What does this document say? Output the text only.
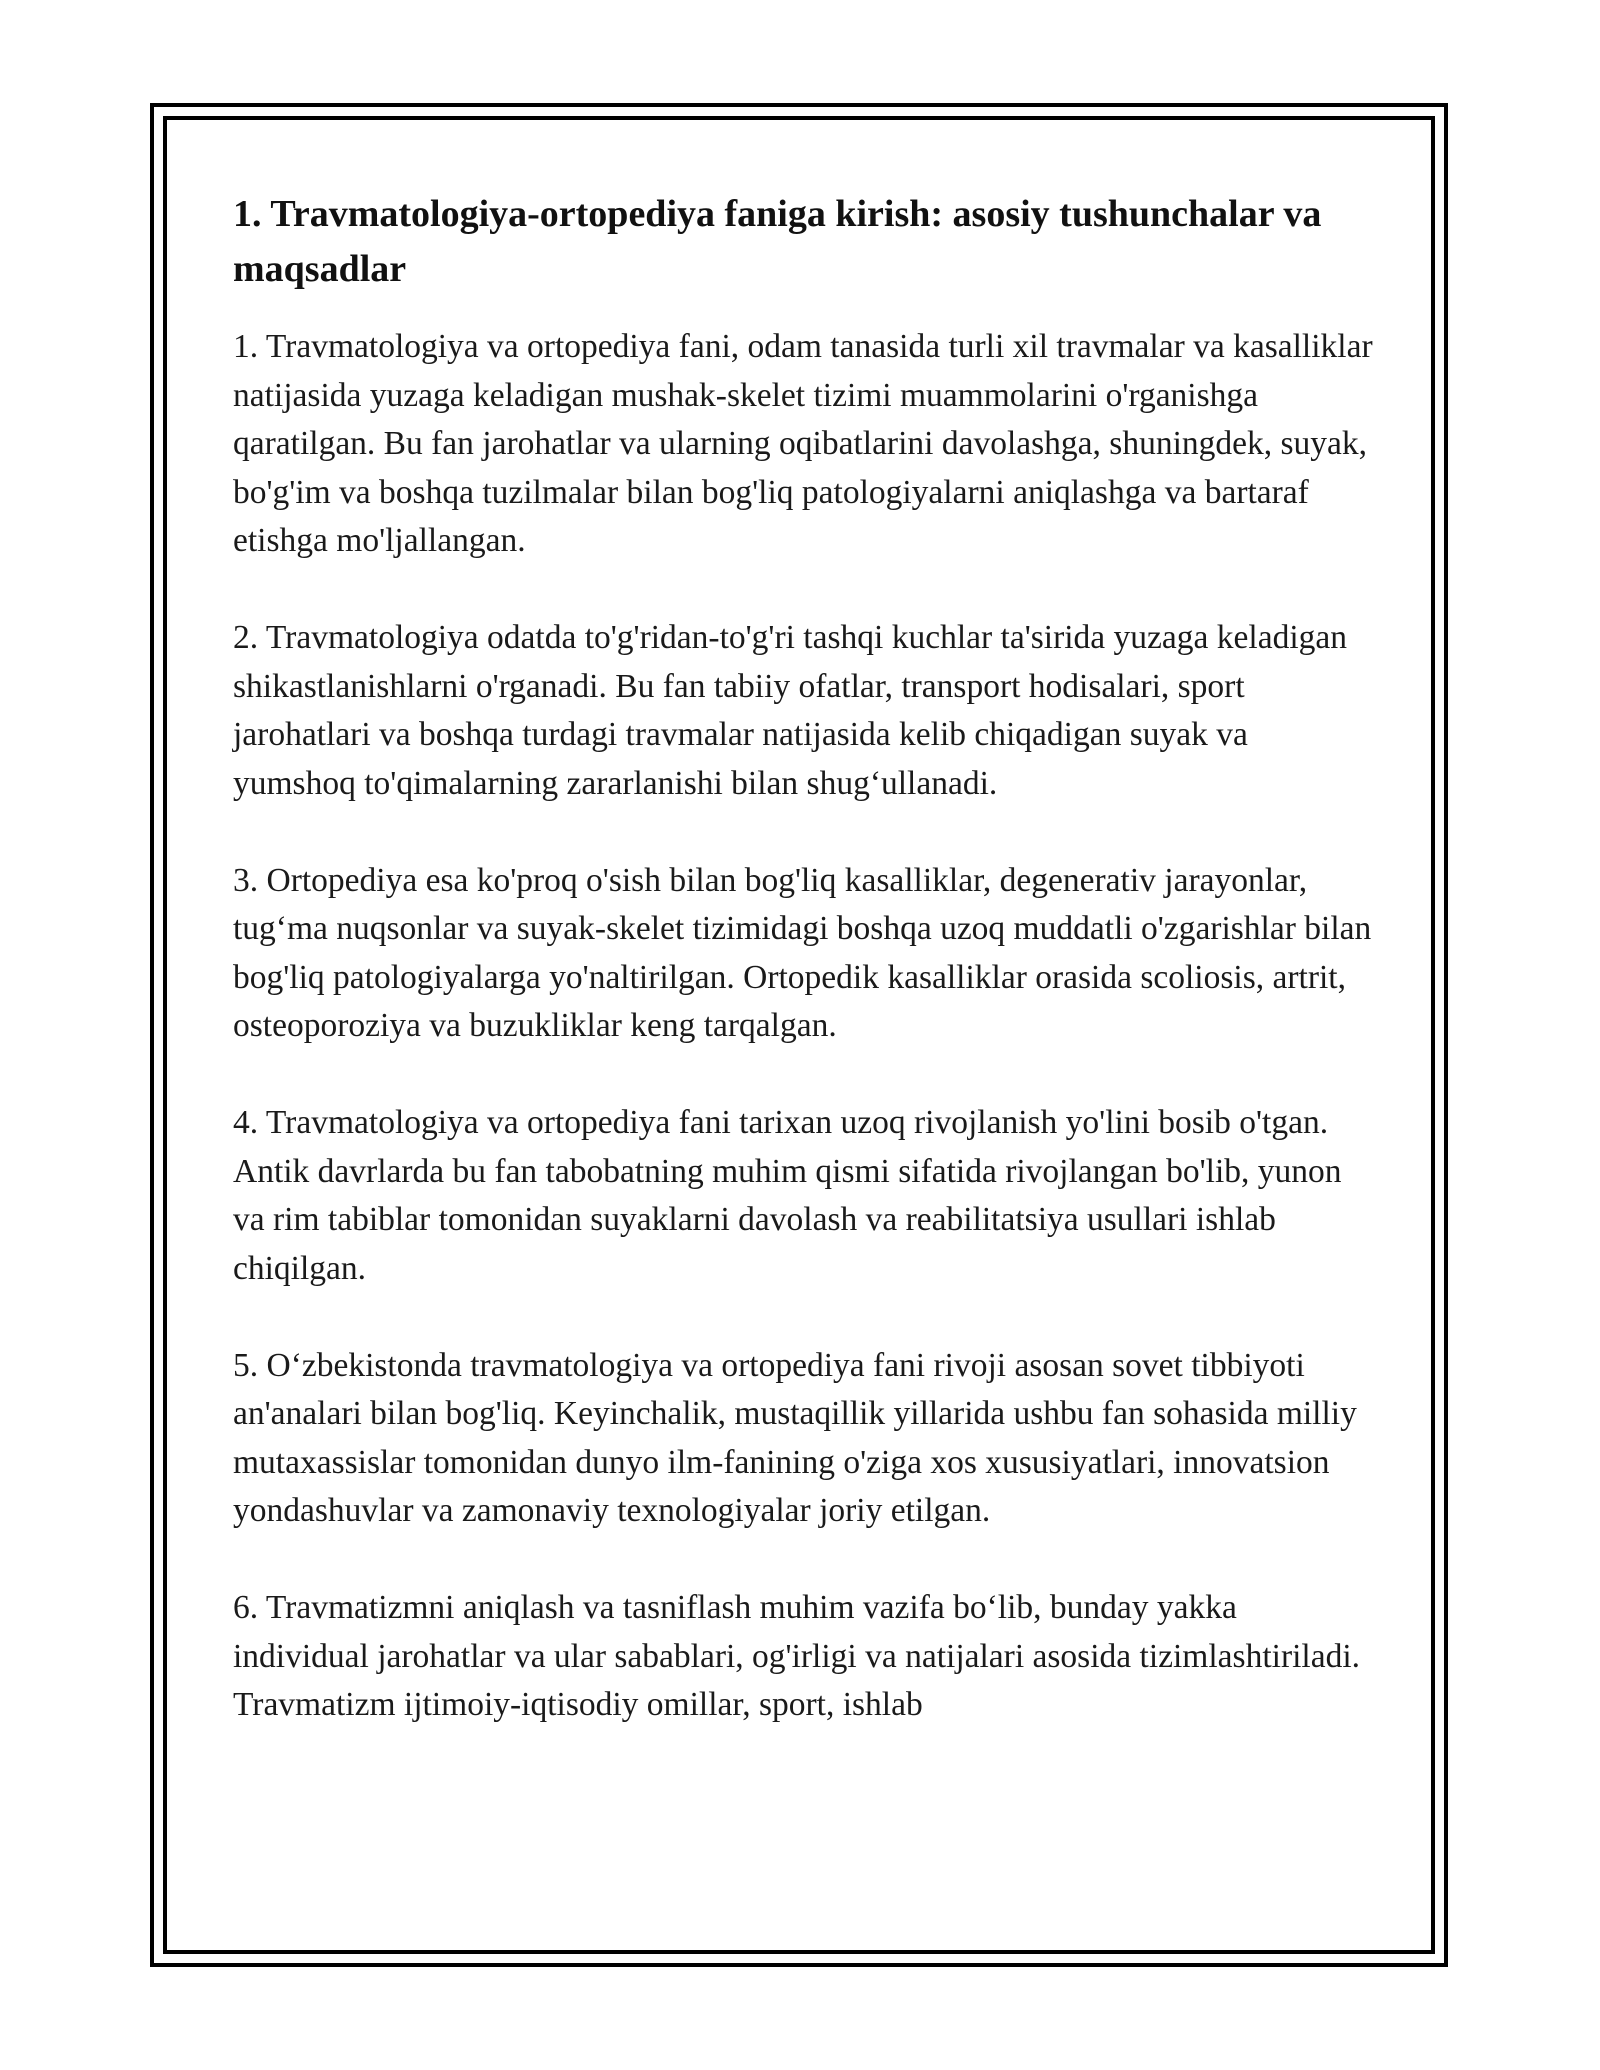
1. Travmatologiya-ortopediya faniga kirish: asosiy tushunchalar va maqsadlar

1. Travmatologiya va ortopediya fani, odam tanasida turli xil travmalar va kasalliklar natijasida yuzaga keladigan mushak-skelet tizimi muammolarini o'rganishga qaratilgan. Bu fan jarohatlar va ularning oqibatlarini davolashga, shuningdek, suyak, bo'g'im va boshqa tuzilmalar bilan bog'liq patologiyalarni aniqlashga va bartaraf etishga mo'ljallangan.

2. Travmatologiya odatda to'g'ridan-to'g'ri tashqi kuchlar ta'sirida yuzaga keladigan shikastlanishlarni o'rganadi. Bu fan tabiiy ofatlar, transport hodisalari, sport jarohatlari va boshqa turdagi travmalar natijasida kelib chiqadigan suyak va yumshoq to'qimalarning zararlanishi bilan shug‘ullanadi.

3. Ortopediya esa ko'proq o'sish bilan bog'liq kasalliklar, degenerativ jarayonlar, tug‘ma nuqsonlar va suyak-skelet tizimidagi boshqa uzoq muddatli o'zgarishlar bilan bog'liq patologiyalarga yo'naltirilgan. Ortopedik kasalliklar orasida scoliosis, artrit, osteoporoziya va buzukliklar keng tarqalgan.

4. Travmatologiya va ortopediya fani tarixan uzoq rivojlanish yo'lini bosib o'tgan. Antik davrlarda bu fan tabobatning muhim qismi sifatida rivojlangan bo'lib, yunon va rim tabiblar tomonidan suyaklarni davolash va reabilitatsiya usullari ishlab chiqilgan.

5. O‘zbekistonda travmatologiya va ortopediya fani rivoji asosan sovet tibbiyoti an'analari bilan bog'liq. Keyinchalik, mustaqillik yillarida ushbu fan sohasida milliy mutaxassislar tomonidan dunyo ilm-fanining o'ziga xos xususiyatlari, innovatsion yondashuvlar va zamonaviy texnologiyalar joriy etilgan.

6. Travmatizmni aniqlash va tasniflash muhim vazifa bo‘lib, bunday yakka individual jarohatlar va ular sabablari, og'irligi va natijalari asosida tizimlashtiriladi. Travmatizm ijtimoiy-iqtisodiy omillar, sport, ishlab
